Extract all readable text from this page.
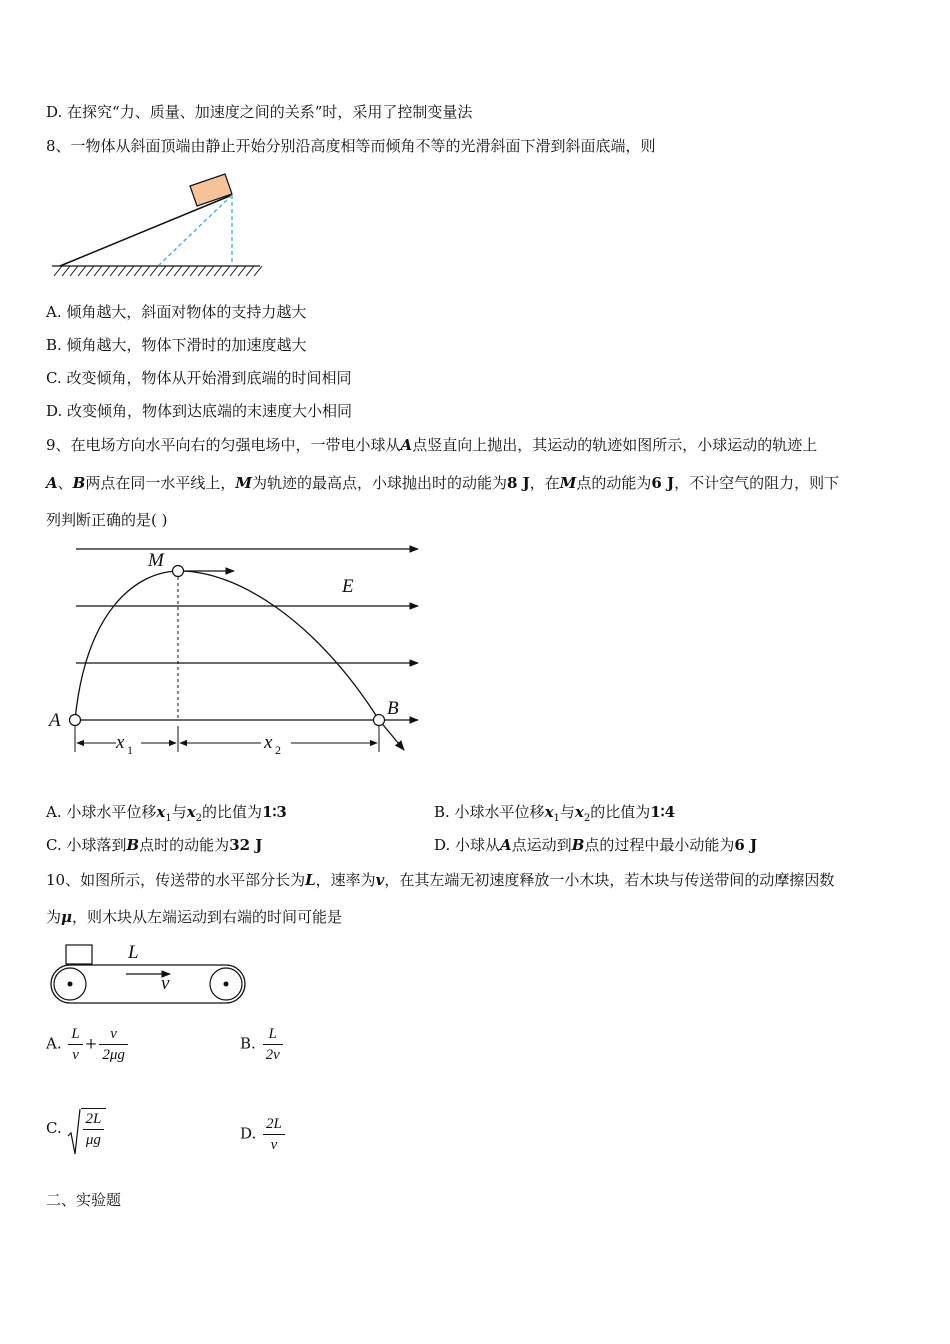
D. 在探究“力、质量、加速度之间的关系”时，采用了控制变量法
8、一物体从斜面顶端由静止开始分别沿高度相等而倾角不等的光滑斜面下滑到斜面底端，则
A. 倾角越大，斜面对物体的支持力越大
B. 倾角越大，物体下滑时的加速度越大
C. 改变倾角，物体从开始滑到底端的时间相同
D. 改变倾角，物体到达底端的末速度大小相同
9、在电场方向水平向右的匀强电场中，一带电小球从A点竖直向上抛出，其运动的轨迹如图所示，小球运动的轨迹上
A、B两点在同一水平线上，M为轨迹的最高点，小球抛出时的动能为8 J，在M点的动能为6 J，不计空气的阻力，则下
列判断正确的是( )
M
E
A
B
x	x
1	2
A. 小球水平位移$x_1$与$x_2$的比值为1∶3	B. 小球水平位移$x_1$与$x_2$的比值为1∶4
C. 小球落到B点时的动能为32 J	D. 小球从A点运动到B点的过程中最小动能为6 J
10、如图所示，传送带的水平部分长为L，速率为v，在其左端无初速度释放一小木块，若木块与传送带间的动摩擦因数
为μ，则木块从左端运动到右端的时间可能是
L
v
A. $\frac{L}{v} + \frac{v}{2\mu g}$	B. $\frac{L}{2v}$
C. $\frac{2L}{\mu g}$	D. $\frac{2L}{v}$
二、实验题
